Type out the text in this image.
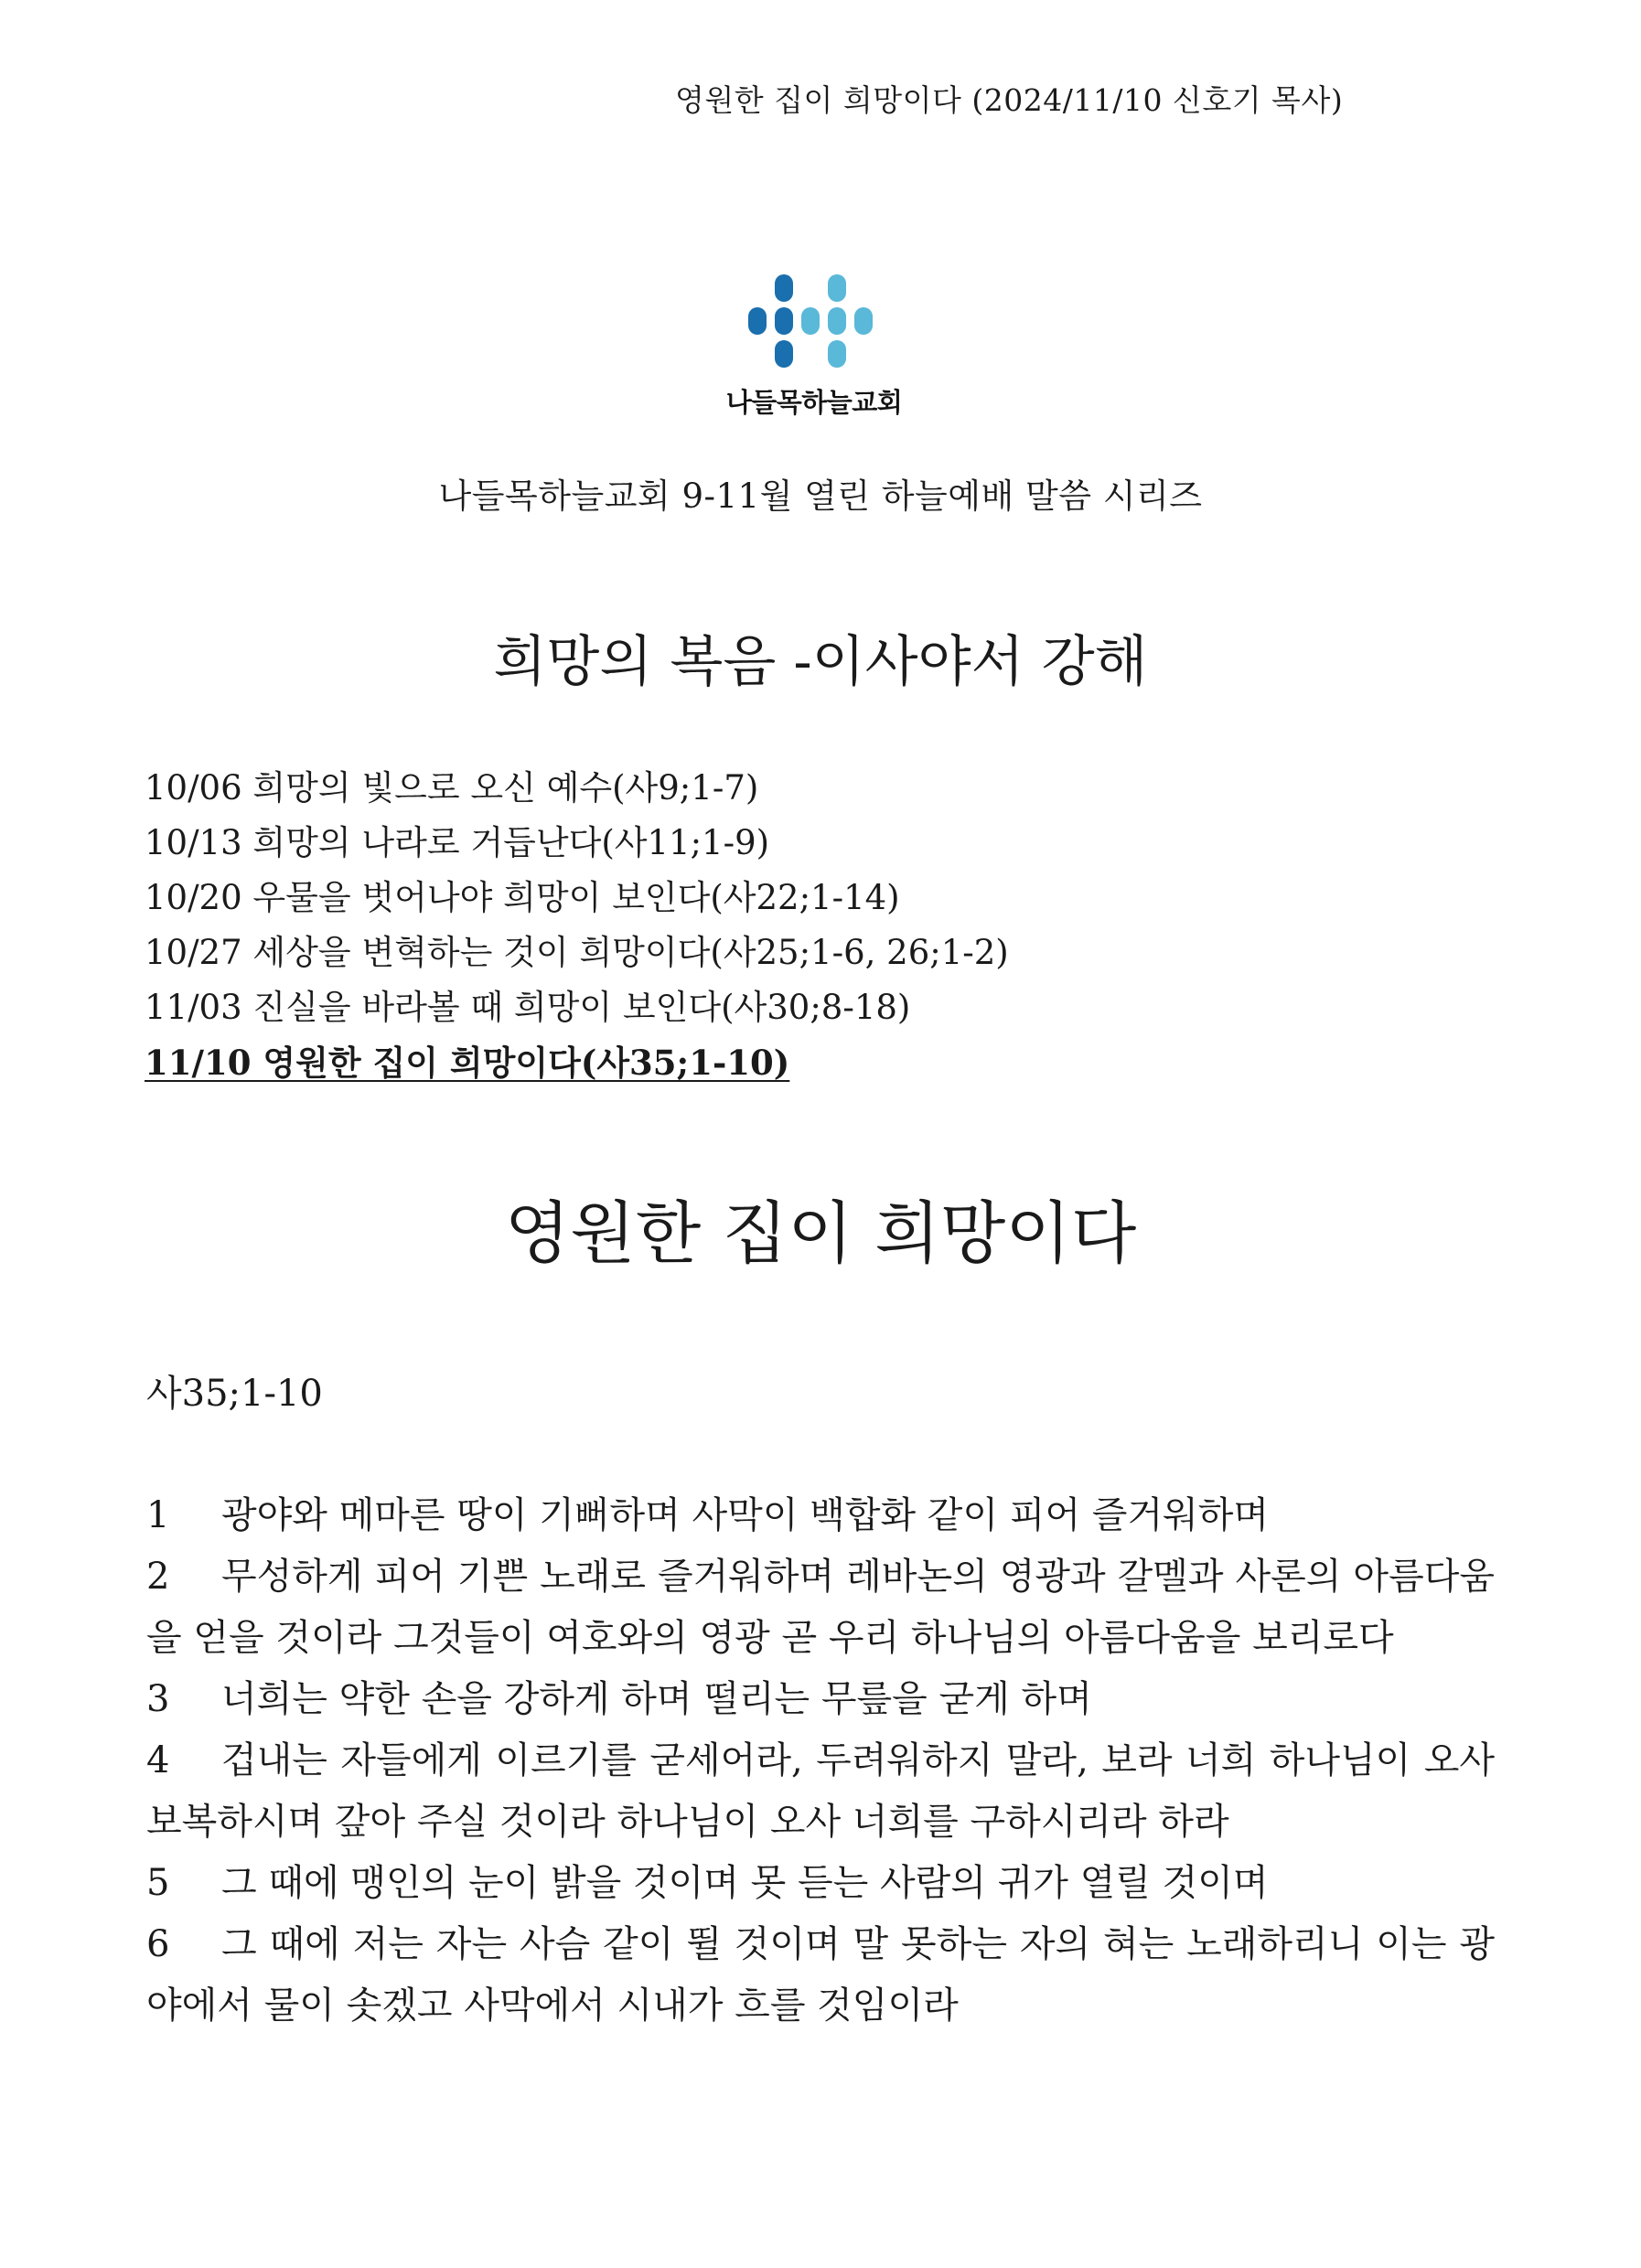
영원한 집이 희망이다 (2024/11/10 신호기 목사)
나들목하늘교회
나들목하늘교회 9-11월 열린 하늘예배 말씀 시리즈
희망의 복음 -이사야서 강해
10/06 희망의 빛으로 오신 예수(사9;1-7)
10/13 희망의 나라로 거듭난다(사11;1-9)
10/20 우물을 벗어나야 희망이 보인다(사22;1-14)
10/27 세상을 변혁하는 것이 희망이다(사25;1-6, 26;1-2)
11/03 진실을 바라볼 때 희망이 보인다(사30;8-18)
11/10 영원한 집이 희망이다(사35;1-10)
영원한 집이 희망이다
사35;1-10

1 광야와 메마른 땅이 기뻐하며 사막이 백합화 같이 피어 즐거워하며

2 무성하게 피어 기쁜 노래로 즐거워하며 레바논의 영광과 갈멜과 사론의 아름다움을 얻을 것이라 그것들이 여호와의 영광 곧 우리 하나님의 아름다움을 보리로다

3 너희는 약한 손을 강하게 하며 떨리는 무릎을 굳게 하며

4 겁내는 자들에게 이르기를 굳세어라, 두려워하지 말라, 보라 너희 하나님이 오사 보복하시며 갚아 주실 것이라 하나님이 오사 너희를 구하시리라 하라

5 그 때에 맹인의 눈이 밝을 것이며 못 듣는 사람의 귀가 열릴 것이며

6 그 때에 저는 자는 사슴 같이 뛸 것이며 말 못하는 자의 혀는 노래하리니 이는 광야에서 물이 솟겠고 사막에서 시내가 흐를 것임이라
